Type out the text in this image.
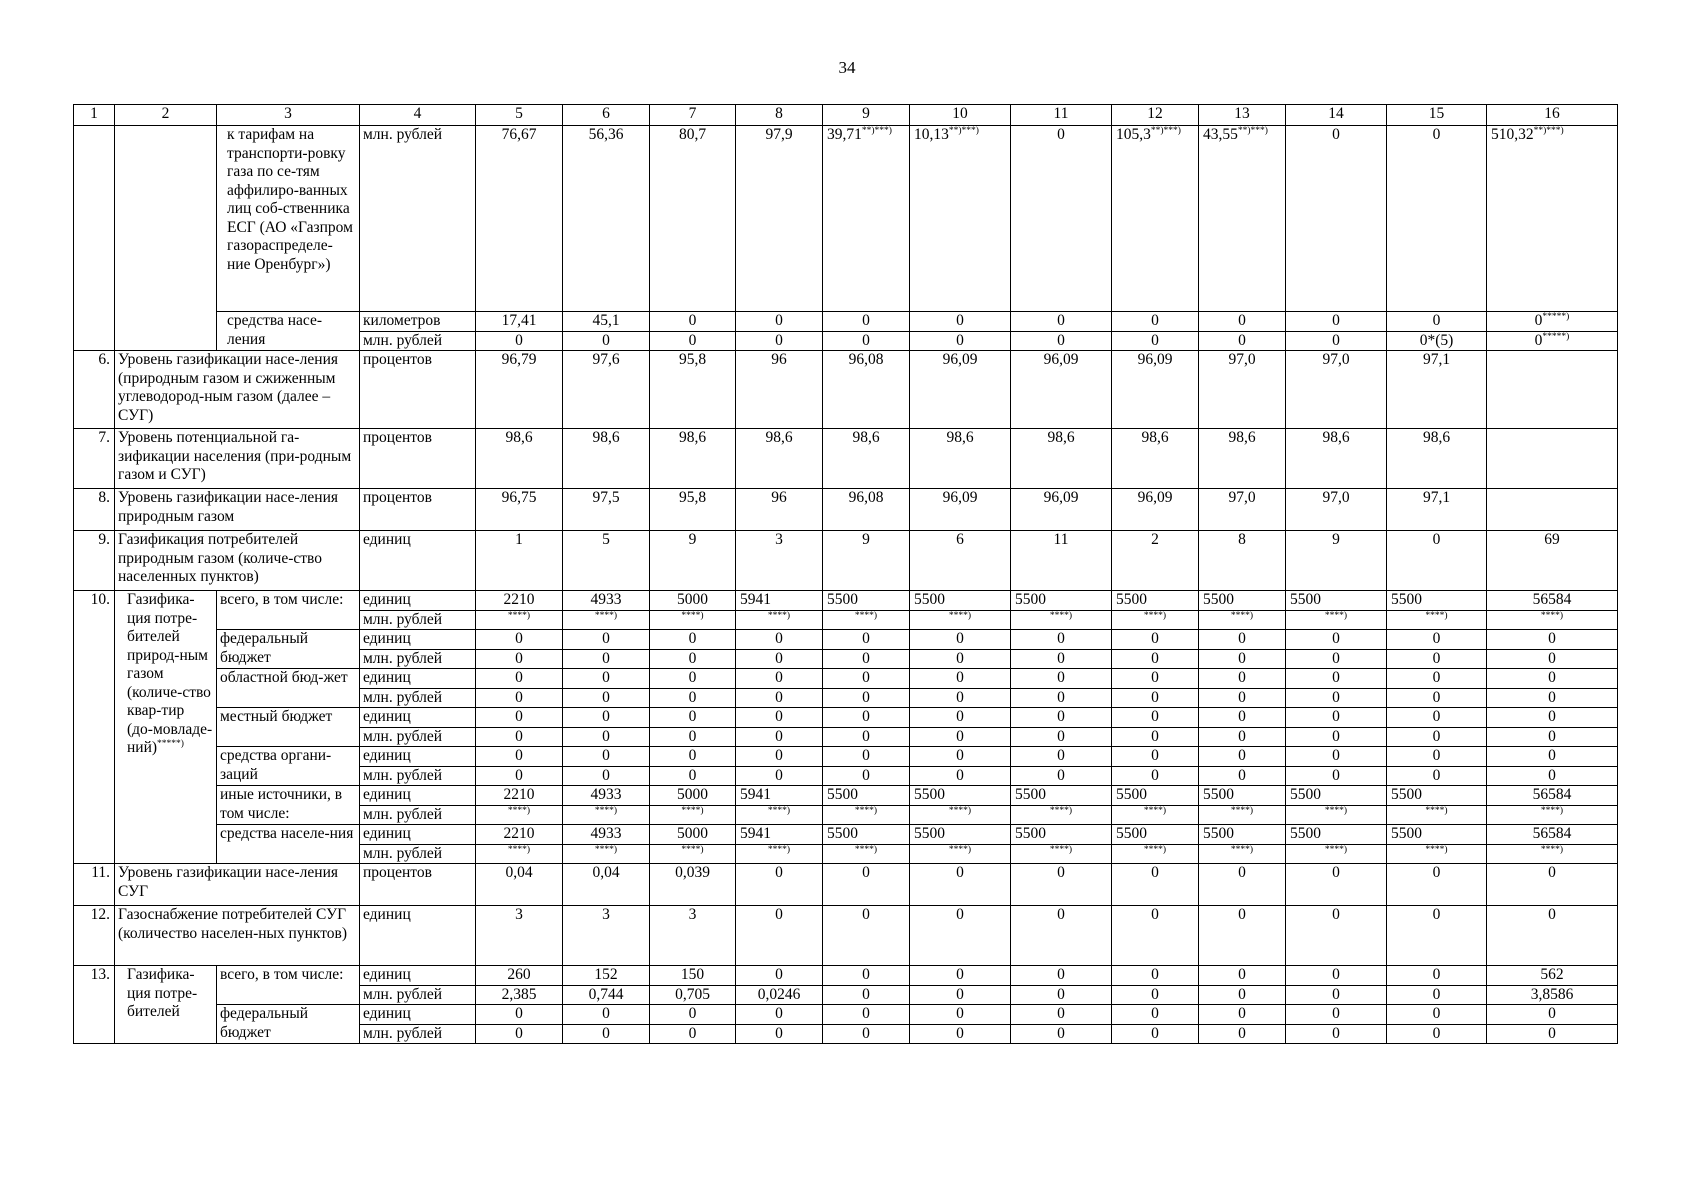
34
1	2	3	4	5	6	7	8	9	10	11	12	13	14	15	16
		к тарифам на транспорти-ровку газа по се-тям аффилиро-ванных лиц соб-ственника ЕСГ (АО «Газпром газораспределе-ние Оренбург»)	млн. рублей	76,67	56,36	80,7	97,9	39,71**)***)	10,13**)***)	0	105,3**)***)	43,55**)***)	0	0	510,32**)***)
		средства насе-ления	километров	17,41	45,1	0	0	0	0	0	0	0	0	0	0*****)
			млн. рублей	0	0	0	0	0	0	0	0	0	0	0*(5)	0*****)
6.	Уровень газификации насе-ления (природным газом и сжиженным углеводород-ным газом (далее – СУГ)		процентов	96,79	97,6	95,8	96	96,08	96,09	96,09	96,09	97,0	97,0	97,1	
7.	Уровень потенциальной га-зификации населения (при-родным газом и СУГ)		процентов	98,6	98,6	98,6	98,6	98,6	98,6	98,6	98,6	98,6	98,6	98,6	
8.	Уровень газификации насе-ления природным газом		процентов	96,75	97,5	95,8	96	96,08	96,09	96,09	96,09	97,0	97,0	97,1	
9.	Газификация потребителей природным газом (количе-ство населенных пунктов)		единиц	1	5	9	3	9	6	11	2	8	9	0	69
10.	Газифика-ция потре-бителей природ-ным газом (количе-ство квар-тир (до-мовладе-ний)*****)	всего, в том числе:	единиц	2210	4933	5000	5941	5500	5500	5500	5500	5500	5500	5500	56584
			млн. рублей	****)	****)	****)	****)	****)	****)	****)	****)	****)	****)	****)	****)

		федеральный бюджет	единиц	0	0	0	0	0	0	0	0	0	0	0	0
			млн. рублей	0	0	0	0	0	0	0	0	0	0	0	0
		областной бюд-жет	единиц	0	0	0	0	0	0	0	0	0	0	0	0
			млн. рублей	0	0	0	0	0	0	0	0	0	0	0	0
		местный бюджет	единиц	0	0	0	0	0	0	0	0	0	0	0	0
			млн. рублей	0	0	0	0	0	0	0	0	0	0	0	0
		средства органи-заций	единиц	0	0	0	0	0	0	0	0	0	0	0	0
			млн. рублей	0	0	0	0	0	0	0	0	0	0	0	0
		иные источники, в том числе:	единиц	2210	4933	5000	5941	5500	5500	5500	5500	5500	5500	5500	56584
			млн. рублей	****)	****)	****)	****)	****)	****)	****)	****)	****)	****)	****)	****)

		средства населе-ния	единиц	2210	4933	5000	5941	5500	5500	5500	5500	5500	5500	5500	56584
			млн. рублей	****)	****)	****)	****)	****)	****)	****)	****)	****)	****)	****)	****)

11.	Уровень газификации насе-ления СУГ		процентов	0,04	0,04	0,039	0	0	0	0	0	0	0	0	0
12.	Газоснабжение потребителей СУГ (количество населен-ных пунктов)		единиц	3	3	3	0	0	0	0	0	0	0	0	0
13.	Газифика-ция потре-бителей	всего, в том числе:	единиц	260	152	150	0	0	0	0	0	0	0	0	562
			млн. рублей	2,385	0,744	0,705	0,0246	0	0	0	0	0	0	0	3,8586
		федеральный бюджет	единиц	0	0	0	0	0	0	0	0	0	0	0	0
			млн. рублей	0	0	0	0	0	0	0	0	0	0	0	0
